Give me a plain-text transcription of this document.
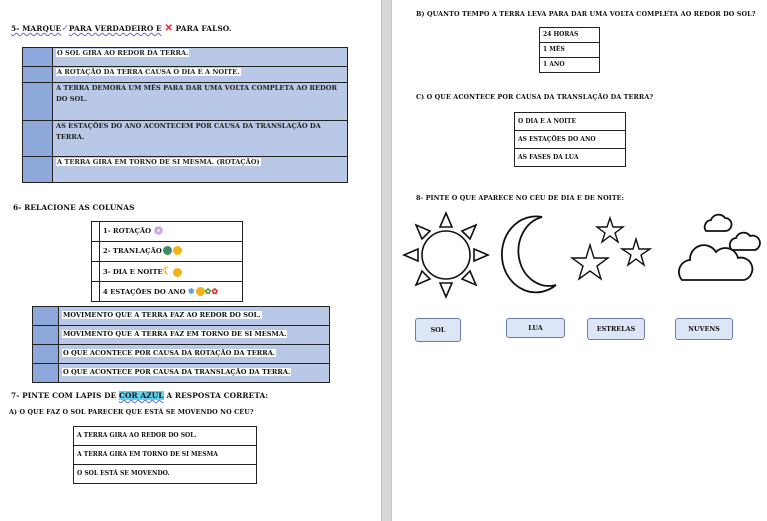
5- MARQUE✓PARA VERDADEIRO E ✕ PARA FALSO.
	O SOL GIRA AO REDOR DA TERRA.
	A ROTAÇÃO DA TERRA CAUSA O DIA E A NOITE.
	A TERRA DEMORA UM MÊS PARA DAR UMA VOLTA COMPLETA AO REDOR DO SOL.
	AS ESTAÇÕES DO ANO ACONTECEM POR CAUSA DA TRANSLAÇÃO DA TERRA.
	A TERRA GIRA EM TORNO DE SI MESMA. (ROTAÇÃO)
6- RELACIONE AS COLUNAS
	1- ROTAÇÃO
	2- TRANLAÇÃO
	3- DIA E NOITE☾
	4 ESTAÇÕES DO ANO ❄ ✿✿
	MOVIMENTO QUE A TERRA FAZ AO REDOR DO SOL.
	MOVIMENTO QUE A TERRA FAZ EM TORNO DE SI MESMA.
	O QUE ACONTECE POR CAUSA DA ROTAÇÃO DA TERRA.
	O QUE ACONTECE POR CAUSA DA TRANSLAÇÃO DA TERRA.
7- PINTE COM LAPIS DE COR AZUL A RESPOSTA CORRETA:
A) O QUE FAZ O SOL PARECER QUE ESTÁ SE MOVENDO NO CÉU?
A TERRA GIRA AO REDOR DO SOL.
A TERRA GIRA EM TORNO DE SI MESMA
O SOL ESTÁ SE MOVENDO.
B) QUANTO TEMPO A TERRA LEVA PARA DAR UMA VOLTA COMPLETA AO REDOR DO SOL?
24 HORAS
1 MÊS
1 ANO
C) O QUE ACONTECE POR CAUSA DA TRANSLAÇÃO DA TERRA?
O DIA E A NOITE
AS ESTAÇÕES DO ANO
AS FASES DA LUA
8- PINTE O QUE APARECE NO CÉU DE DIA E DE NOITE:
SOL	LUA	ESTRELAS	NUVENS
